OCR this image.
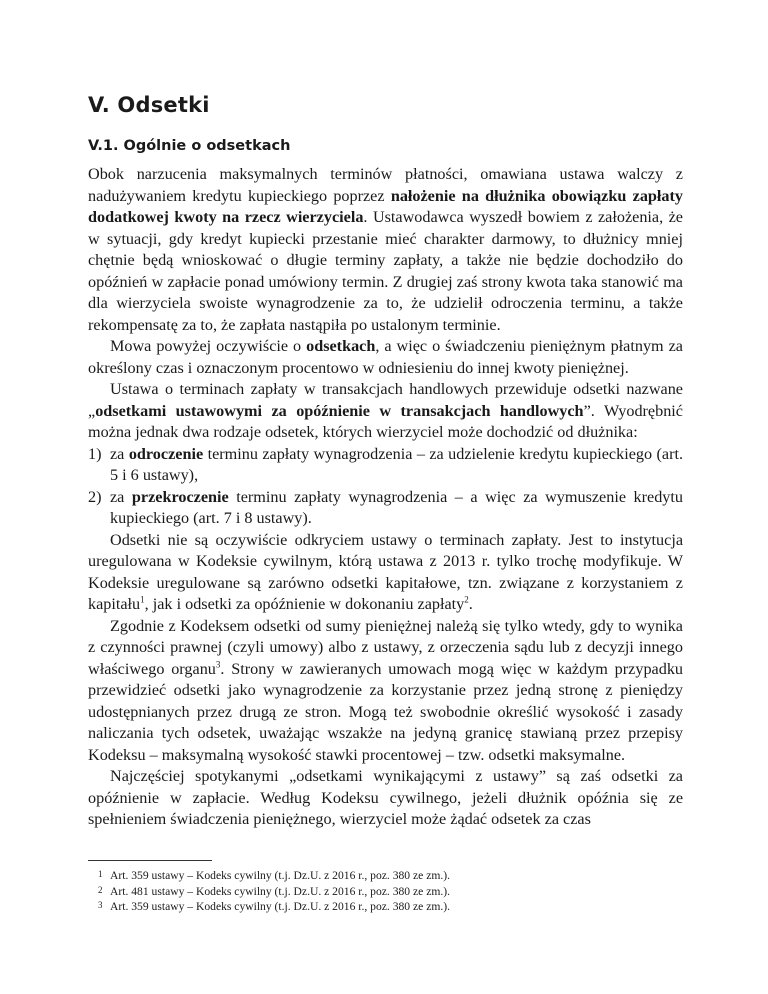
V. Odsetki
V.1. Ogólnie o odsetkach

Obok narzucenia maksymalnych terminów płatności, omawiana ustawa walczy z nadużywaniem kredytu kupieckiego poprzez nałożenie na dłużnika obowiązku zapłaty dodatkowej kwoty na rzecz wierzyciela. Ustawodawca wyszedł bowiem z założenia, że w sytuacji, gdy kredyt kupiecki przestanie mieć charakter darmowy, to dłużnicy mniej chętnie będą wnioskować o długie terminy zapłaty, a także nie będzie dochodziło do opóźnień w zapłacie ponad umówiony termin. Z drugiej zaś strony kwota taka stanowić ma dla wierzyciela swoiste wynagrodzenie za to, że udzielił odroczenia terminu, a także rekompensatę za to, że zapłata nastąpiła po ustalonym terminie.

Mowa powyżej oczywiście o odsetkach, a więc o świadczeniu pieniężnym płatnym za określony czas i oznaczonym procentowo w odniesieniu do innej kwoty pieniężnej.

Ustawa o terminach zapłaty w transakcjach handlowych przewiduje odsetki nazwane „odsetkami ustawowymi za opóźnienie w transakcjach handlowych”. Wyodrębnić można jednak dwa rodzaje odsetek, których wierzyciel może dochodzić od dłużnika:

1) za odroczenie terminu zapłaty wynagrodzenia – za udzielenie kredytu kupieckiego (art. 5 i 6 ustawy),
2) za przekroczenie terminu zapłaty wynagrodzenia – a więc za wymuszenie kredytu kupieckiego (art. 7 i 8 ustawy).

Odsetki nie są oczywiście odkryciem ustawy o terminach zapłaty. Jest to instytucja uregulowana w Kodeksie cywilnym, którą ustawa z 2013 r. tylko trochę modyfikuje. W Kodeksie uregulowane są zarówno odsetki kapitałowe, tzn. związane z korzystaniem z kapitału$^1$, jak i odsetki za opóźnienie w dokonaniu zapłaty$^2$.

Zgodnie z Kodeksem odsetki od sumy pieniężnej należą się tylko wtedy, gdy to wynika z czynności prawnej (czyli umowy) albo z ustawy, z orzeczenia sądu lub z decyzji innego właściwego organu$^3$. Strony w zawieranych umowach mogą więc w każdym przypadku przewidzieć odsetki jako wynagrodzenie za korzystanie przez jedną stronę z pieniędzy udostępnianych przez drugą ze stron. Mogą też swobodnie określić wysokość i zasady naliczania tych odsetek, uważając wszakże na jedyną granicę stawianą przez przepisy Kodeksu – maksymalną wysokość stawki procentowej – tzw. odsetki maksymalne.

Najczęściej spotykanymi „odsetkami wynikającymi z ustawy” są zaś odsetki za opóźnienie w zapłacie. Według Kodeksu cywilnego, jeżeli dłużnik opóźnia się ze spełnieniem świadczenia pieniężnego, wierzyciel może żądać odsetek za czas

1 Art. 359 ustawy – Kodeks cywilny (t.j. Dz.U. z 2016 r., poz. 380 ze zm.).
2 Art. 481 ustawy – Kodeks cywilny (t.j. Dz.U. z 2016 r., poz. 380 ze zm.).
3 Art. 359 ustawy – Kodeks cywilny (t.j. Dz.U. z 2016 r., poz. 380 ze zm.).
